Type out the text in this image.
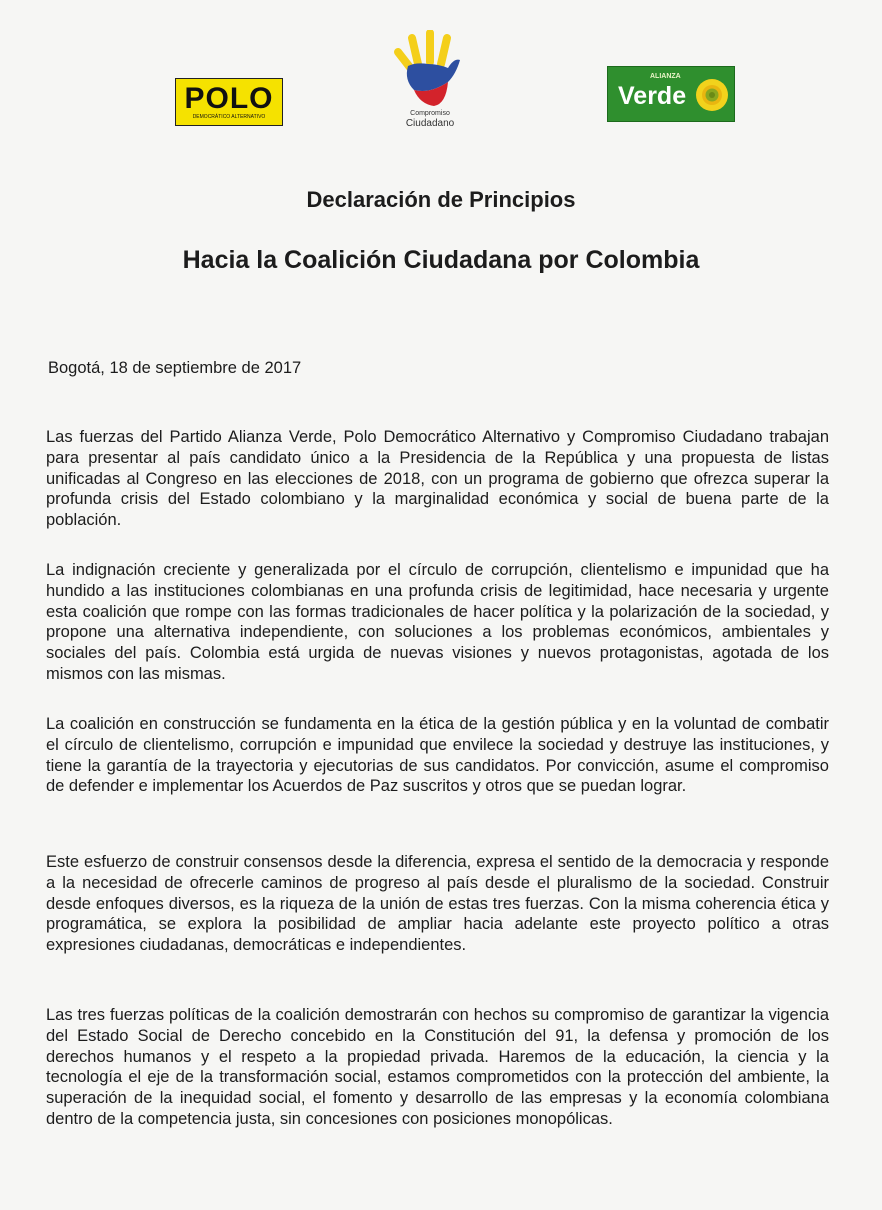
POLO
DEMOCRÁTICO ALTERNATIVO	Compromiso
Ciudadano
ALIANZA
Verde
Declaración de Principios
Hacia la Coalición Ciudadana por Colombia
Bogotá, 18 de septiembre de 2017

Las fuerzas del Partido Alianza Verde, Polo Democrático Alternativo y Compromiso Ciudadano trabajan para presentar al país candidato único a la Presidencia de la República y una propuesta de listas unificadas al Congreso en las elecciones de 2018, con un programa de gobierno que ofrezca superar la profunda crisis del Estado colombiano y la marginalidad económica y social de buena parte de la población.

La indignación creciente y generalizada por el círculo de corrupción, clientelismo e impunidad que ha hundido a las instituciones colombianas en una profunda crisis de legitimidad, hace necesaria y urgente esta coalición que rompe con las formas tradicionales de hacer política y la polarización de la sociedad, y propone una alternativa independiente, con soluciones a los problemas económicos, ambientales y sociales del país. Colombia está urgida de nuevas visiones y nuevos protagonistas, agotada de los mismos con las mismas.

La coalición en construcción se fundamenta en la ética de la gestión pública y en la voluntad de combatir el círculo de clientelismo, corrupción e impunidad que envilece la sociedad y destruye las instituciones, y tiene la garantía de la trayectoria y ejecutorias de sus candidatos. Por convicción, asume el compromiso de defender e implementar los Acuerdos de Paz suscritos y otros que se puedan lograr.

Este esfuerzo de construir consensos desde la diferencia, expresa el sentido de la democracia y responde a la necesidad de ofrecerle caminos de progreso al país desde el pluralismo de la sociedad. Construir desde enfoques diversos, es la riqueza de la unión de estas tres fuerzas. Con la misma coherencia ética y programática, se explora la posibilidad de ampliar hacia adelante este proyecto político a otras expresiones ciudadanas, democráticas e independientes.

Las tres fuerzas políticas de la coalición demostrarán con hechos su compromiso de garantizar la vigencia del Estado Social de Derecho concebido en la Constitución del 91, la defensa y promoción de los derechos humanos y el respeto a la propiedad privada. Haremos de la educación, la ciencia y la tecnología el eje de la transformación social, estamos comprometidos con la protección del ambiente, la superación de la inequidad social, el fomento y desarrollo de las empresas y la economía colombiana dentro de la competencia justa, sin concesiones con posiciones monopólicas.
